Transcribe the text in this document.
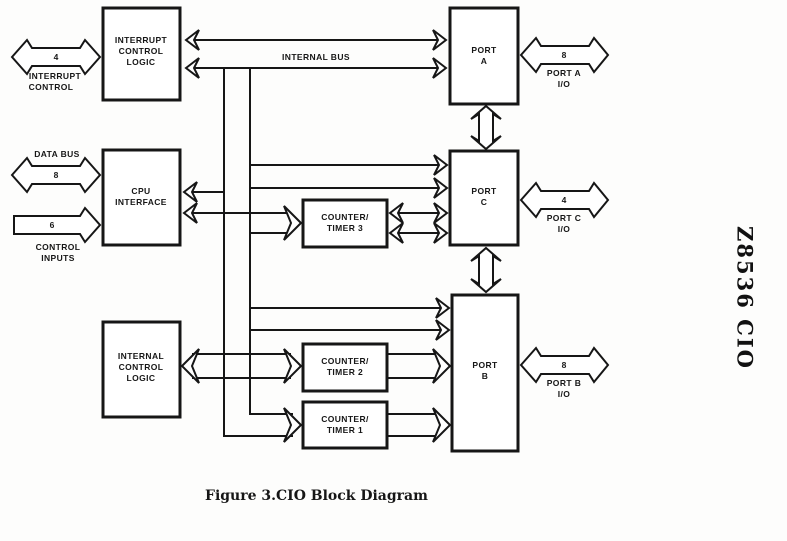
INTERNAL BUS
4
INTERRUPT
CONTROL
DATA BUS
8
6
CONTROL
INPUTS
8
PORT A
I/O
4
PORT C
I/O
8
PORT B
I/O
INTERRUPT
CONTROL
LOGIC
CPU
INTERFACE
INTERNAL
CONTROL
LOGIC
PORT
A
PORT
C
PORT
B
COUNTER/
TIMER 3
COUNTER/
TIMER 2
COUNTER/
TIMER 1
Z8536 CIO
Figure 3. CIO Block Diagram
